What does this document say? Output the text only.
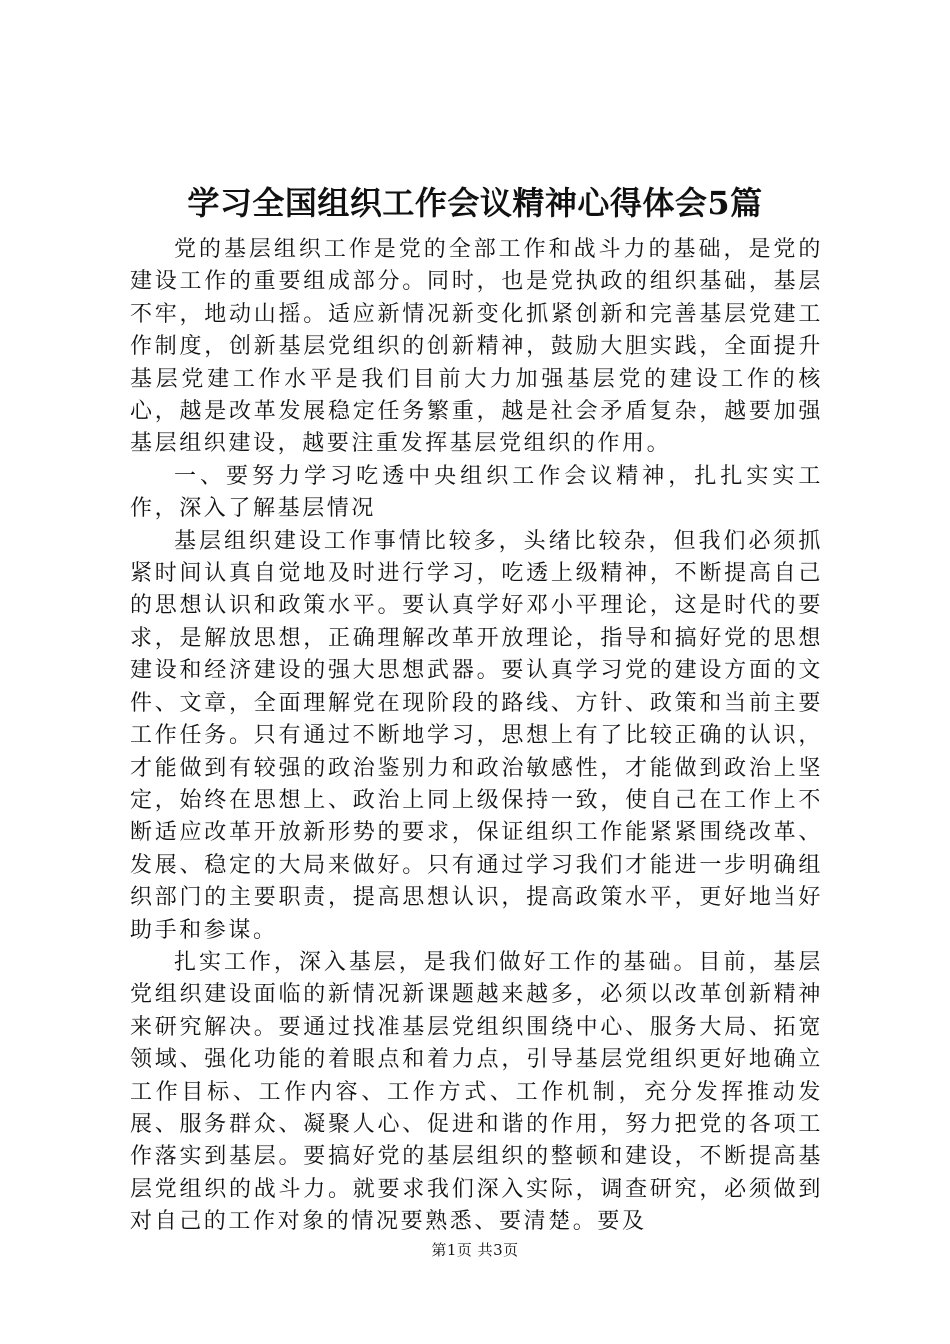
学习全国组织工作会议精神心得体会5篇

党的基层组织工作是党的全部工作和战斗力的基础，是党的建设工作的重要组成部分。同时，也是党执政的组织基础，基层不牢，地动山摇。适应新情况新变化抓紧创新和完善基层党建工作制度，创新基层党组织的创新精神，鼓励大胆实践，全面提升基层党建工作水平是我们目前大力加强基层党的建设工作的核心，越是改革发展稳定任务繁重，越是社会矛盾复杂，越要加强基层组织建设，越要注重发挥基层党组织的作用。

一、要努力学习吃透中央组织工作会议精神，扎扎实实工作，深入了解基层情况

基层组织建设工作事情比较多，头绪比较杂，但我们必须抓紧时间认真自觉地及时进行学习，吃透上级精神，不断提高自己的思想认识和政策水平。要认真学好邓小平理论，这是时代的要求，是解放思想，正确理解改革开放理论，指导和搞好党的思想建设和经济建设的强大思想武器。要认真学习党的建设方面的文件、文章，全面理解党在现阶段的路线、方针、政策和当前主要工作任务。只有通过不断地学习，思想上有了比较正确的认识，才能做到有较强的政治鉴别力和政治敏感性，才能做到政治上坚定，始终在思想上、政治上同上级保持一致，使自己在工作上不断适应改革开放新形势的要求，保证组织工作能紧紧围绕改革、发展、稳定的大局来做好。只有通过学习我们才能进一步明确组织部门的主要职责，提高思想认识，提高政策水平，更好地当好助手和参谋。

扎实工作，深入基层，是我们做好工作的基础。目前，基层党组织建设面临的新情况新课题越来越多，必须以改革创新精神来研究解决。要通过找准基层党组织围绕中心、服务大局、拓宽领域、强化功能的着眼点和着力点，引导基层党组织更好地确立工作目标、工作内容、工作方式、工作机制，充分发挥推动发展、服务群众、凝聚人心、促进和谐的作用，努力把党的各项工作落实到基层。要搞好党的基层组织的整顿和建设，不断提高基层党组织的战斗力。就要求我们深入实际，调查研究，必须做到对自己的工作对象的情况要熟悉、要清楚。要及

第1页 共3页
